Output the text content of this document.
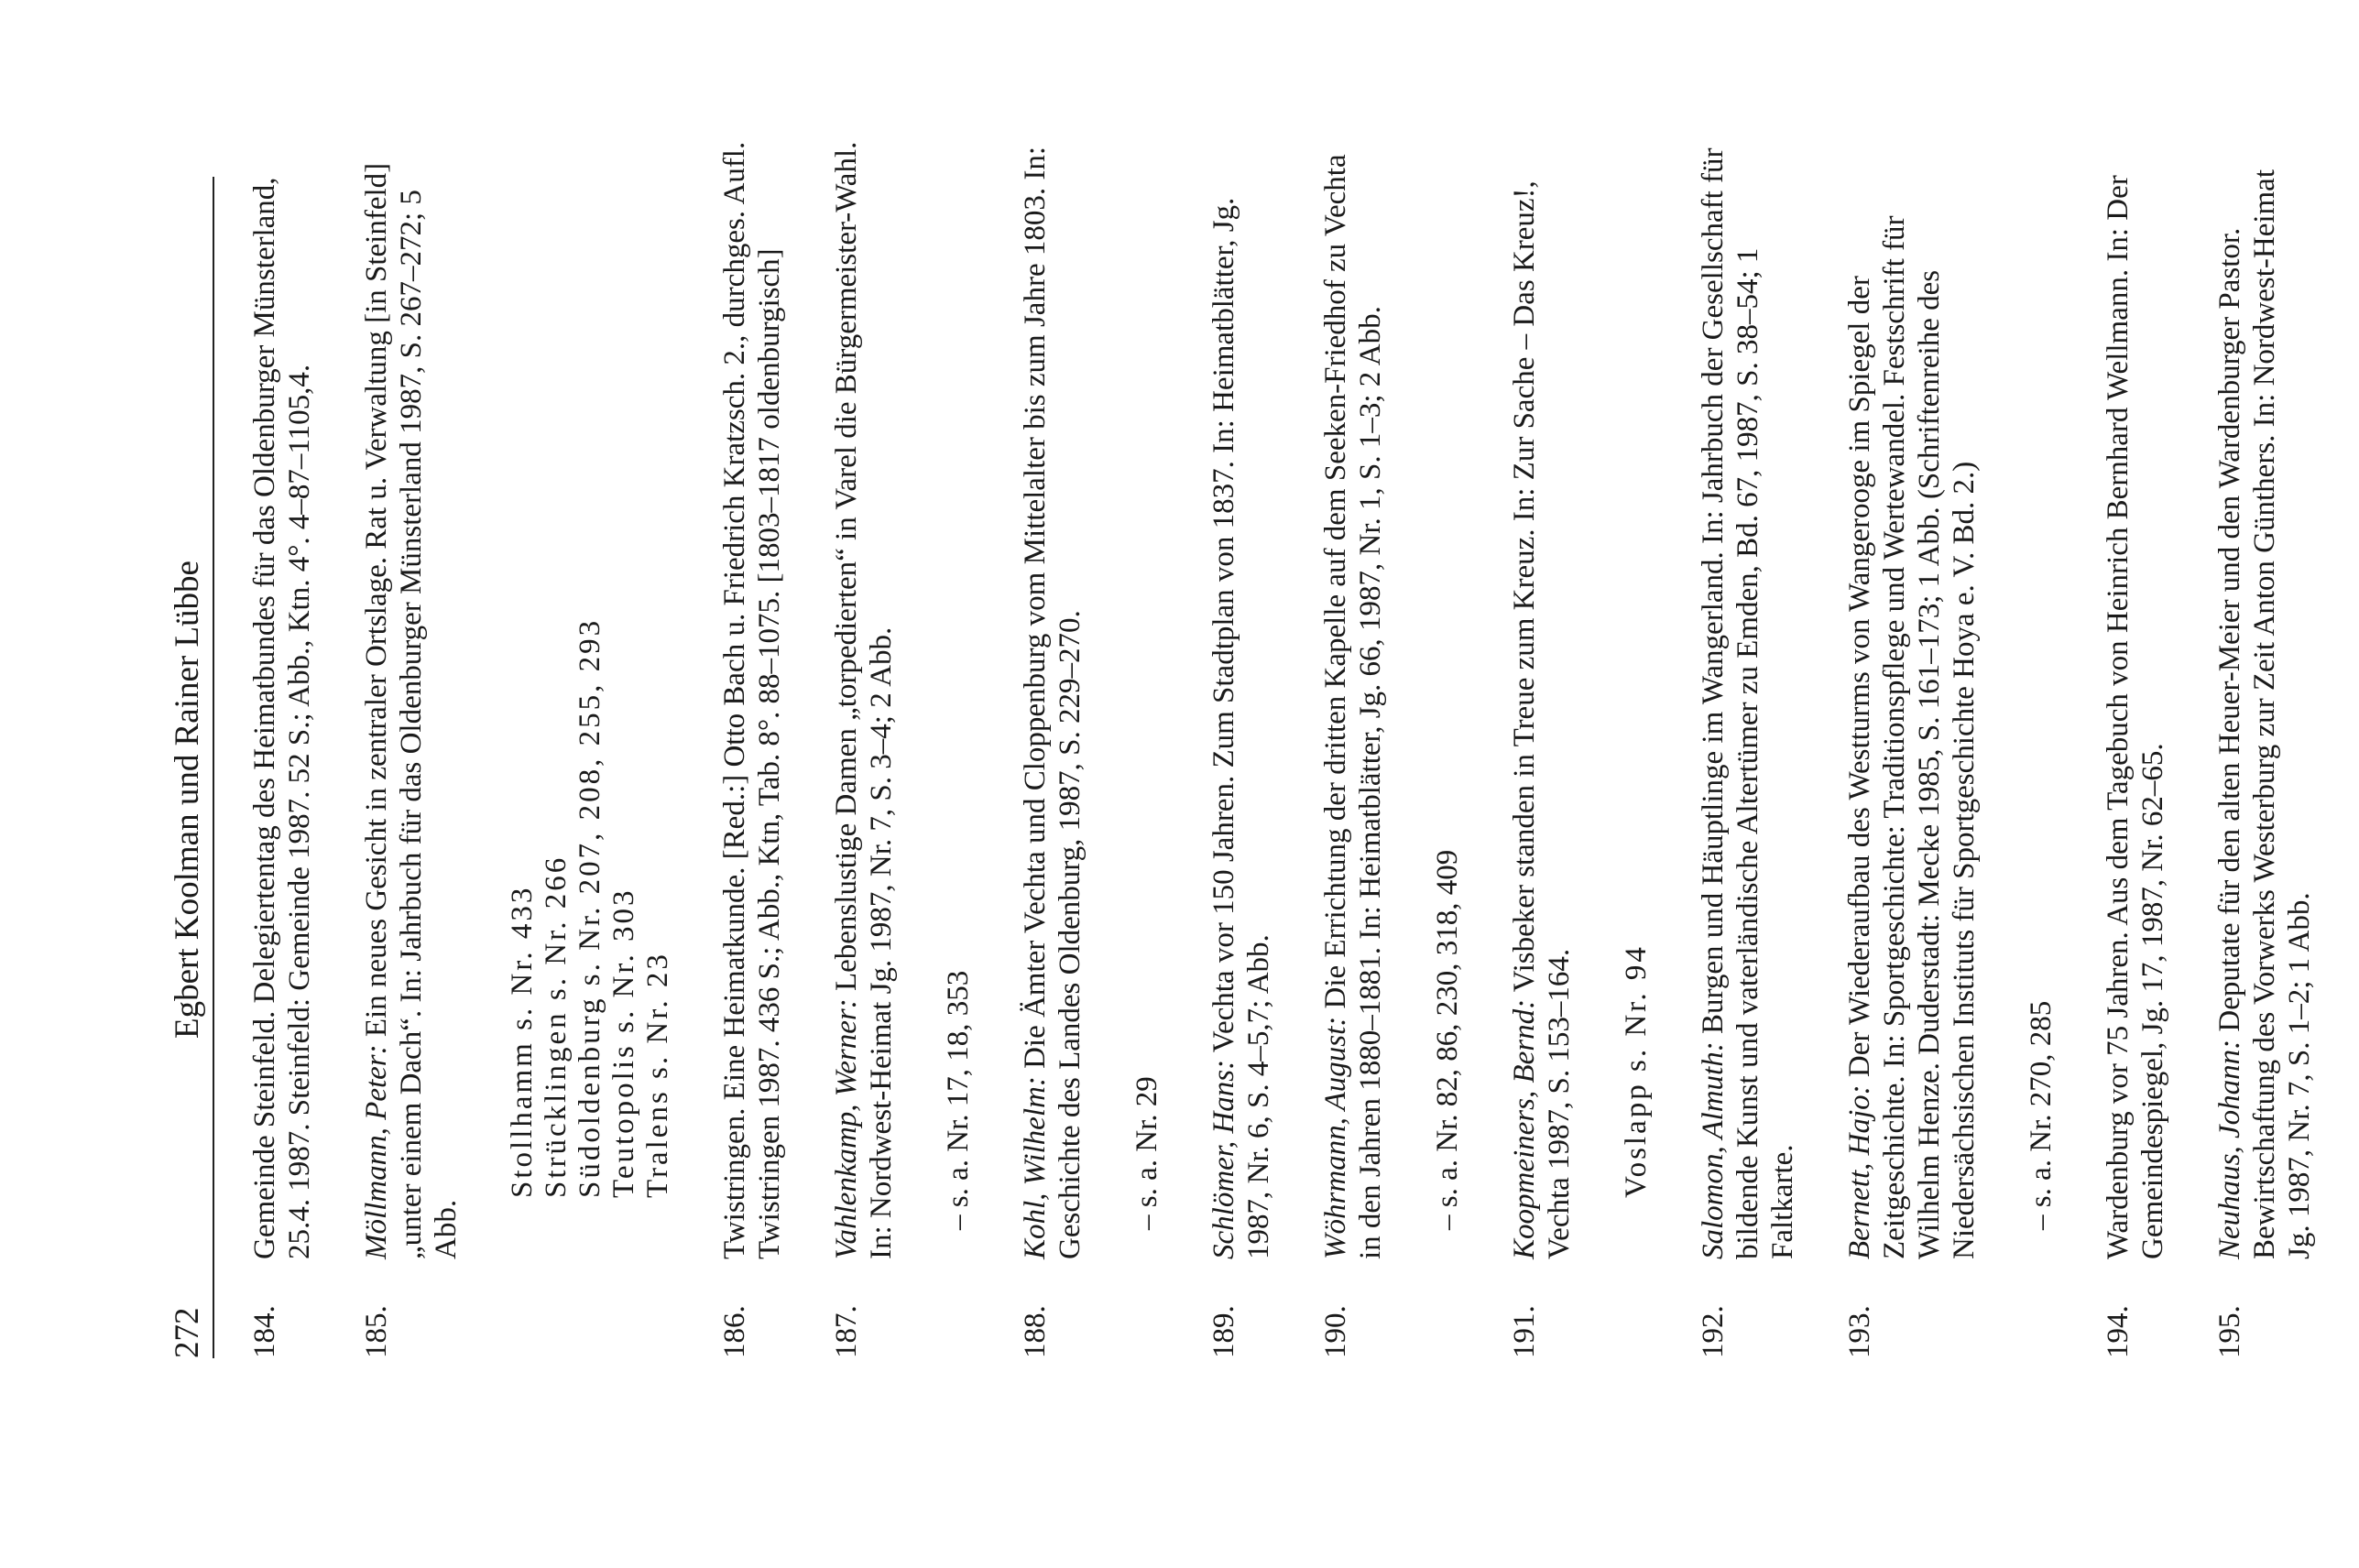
272
Egbert Koolman und Rainer Lübbe
184.
Gemeinde Steinfeld. Delegiertentag des Heimatbundes für das Oldenburger Münsterland, 25.4. 1987. Steinfeld: Gemeinde 1987. 52 S.; Abb., Ktn. 4°. 4–87–1105,4.
185.
Möllmann, Peter: Ein neues Gesicht in zentraler Ortslage. Rat u. Verwaltung [in Steinfeld] „unter einem Dach“. In: Jahrbuch für das Oldenburger Münsterland 1987, S. 267–272; 5 Abb.
Stollhamm s. Nr. 433 Strücklingen s. Nr. 266 Südoldenburg s. Nr. 207, 208, 255, 293 Teutopolis s. Nr. 303 Tralens s. Nr. 23
186.
Twistringen. Eine Heimatkunde. [Red.:] Otto Bach u. Friedrich Kratzsch. 2., durchges. Aufl. Twistringen 1987. 436 S.; Abb., Ktn, Tab. 8°. 88–1075. [1803–1817 oldenburgisch]
187.
Vahlenkamp, Werner: Lebenslustige Damen „torpedierten“ in Varel die Bürgermeister-Wahl. In: Nordwest-Heimat Jg. 1987, Nr. 7, S. 3–4; 2 Abb. – s. a. Nr. 17, 18, 353
188.
Kohl, Wilhelm: Die Ämter Vechta und Cloppenburg vom Mittelalter bis zum Jahre 1803. In: Geschichte des Landes Oldenburg, 1987, S. 229–270. – s. a. Nr. 29
189.
Schlömer, Hans: Vechta vor 150 Jahren. Zum Stadtplan von 1837. In: Heimatblätter, Jg. 1987, Nr. 6, S. 4–5,7; Abb.
190.
Wöhrmann, August: Die Errichtung der dritten Kapelle auf dem Seeken-Friedhof zu Vechta in den Jahren 1880–1881. In: Heimatblätter, Jg. 66, 1987, Nr. 1, S. 1–3; 2 Abb. – s. a. Nr. 82, 86, 230, 318, 409
191.
Koopmeiners, Bernd: Visbeker standen in Treue zum Kreuz. In: Zur Sache – Das Kreuz!, Vechta 1987, S. 153–164. Voslapp s. Nr. 94
192.
Salomon, Almuth: Burgen und Häuptlinge im Wangerland. In: Jahrbuch der Gesellschaft für bildende Kunst und vaterländische Altertümer zu Emden, Bd. 67, 1987, S. 38–54; 1 Faltkarte.
193.
Bernett, Hajo: Der Wiederaufbau des Westturms von Wangerooge im Spiegel der Zeitgeschichte. In: Sportgeschichte: Traditionspflege und Wertewandel. Festschrift für Wilhelm Henze. Duderstadt: Mecke 1985, S. 161–173; 1 Abb. (Schriftenreihe des Niedersächsischen Instituts für Sportgeschichte Hoya e. V. Bd. 2.) – s. a. Nr. 270, 285
194.
Wardenburg vor 75 Jahren. Aus dem Tagebuch von Heinrich Bernhard Wellmann. In: Der Gemeindespiegel, Jg. 17, 1987, Nr. 62–65.
195.
Neuhaus, Johann: Deputate für den alten Heuer-Meier und den Wardenburger Pastor. Bewirtschaftung des Vorwerks Westerburg zur Zeit Anton Günthers. In: Nordwest-Heimat Jg. 1987, Nr. 7, S. 1–2; 1 Abb.
